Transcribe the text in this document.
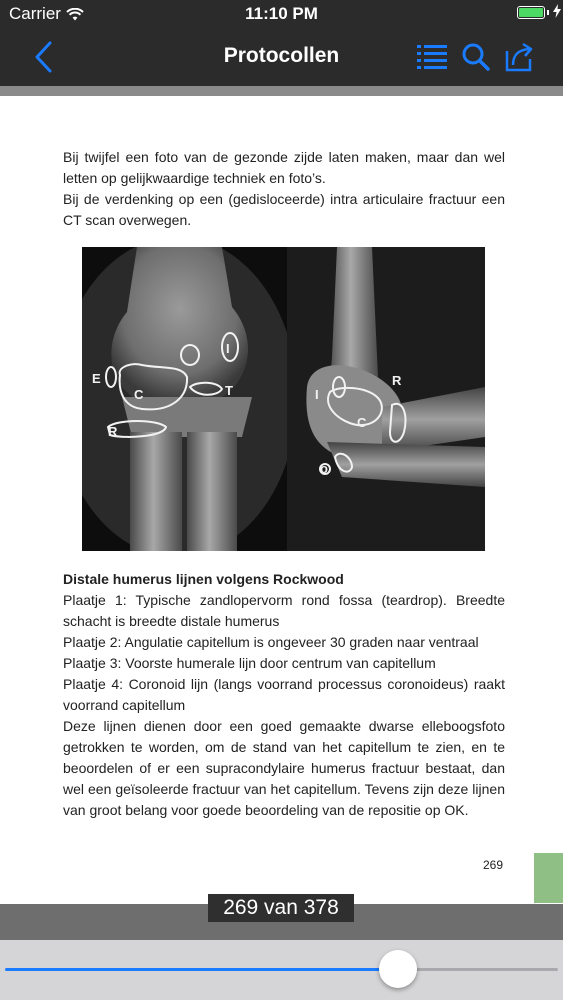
Carrier	11:10 PM
Protocollen
Bij twijfel een foto van de gezonde zijde laten maken, maar dan wel letten op gelijkwaardige techniek en foto’s.
Bij de verdenking op een (gedisloceerde) intra articulaire fractuur een CT scan overwegen.
E
C
I
T
R
I
C
R
o
Distale humerus lijnen volgens Rockwood
Plaatje 1: Typische zandlopervorm rond fossa (teardrop). Breedte schacht is breedte distale humerus
Plaatje 2: Angulatie capitellum is ongeveer 30 graden naar ventraal
Plaatje 3: Voorste humerale lijn door centrum van capitellum
Plaatje 4: Coronoid lijn (langs voorrand processus coronoideus) raakt voorrand capitellum
Deze lijnen dienen door een goed gemaakte dwarse elleboogsfoto getrokken te worden, om de stand van het capitellum te zien, en te beoordelen of er een supracondylaire humerus fractuur bestaat, dan wel een geïsoleerde fractuur van het capitellum. Tevens zijn deze lijnen van groot belang voor goede beoordeling van de repositie op OK.
269
269 van 378
